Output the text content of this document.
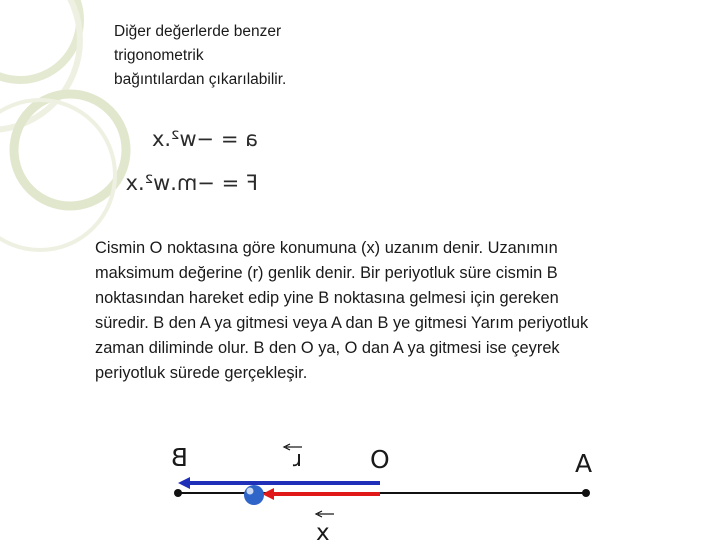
Diğer değerlerde benzer
trigonometrik
bağıntılardan çıkarılabilir.

a = −w².x
F = −m.w².x

Cismin O noktasına göre konumuna (x) uzanım denir. Uzanımın
maksimum değerine (r) genlik denir. Bir periyotluk süre cismin B
noktasından hareket edip yine B noktasına gelmesi için gereken
süredir. B den A ya gitmesi veya A dan B ye gitmesi Yarım periyotluk
zaman diliminde olur. B den O ya, O dan A ya gitmesi ise çeyrek
periyotluk sürede gerçekleşir.

B	O	A
r
x
